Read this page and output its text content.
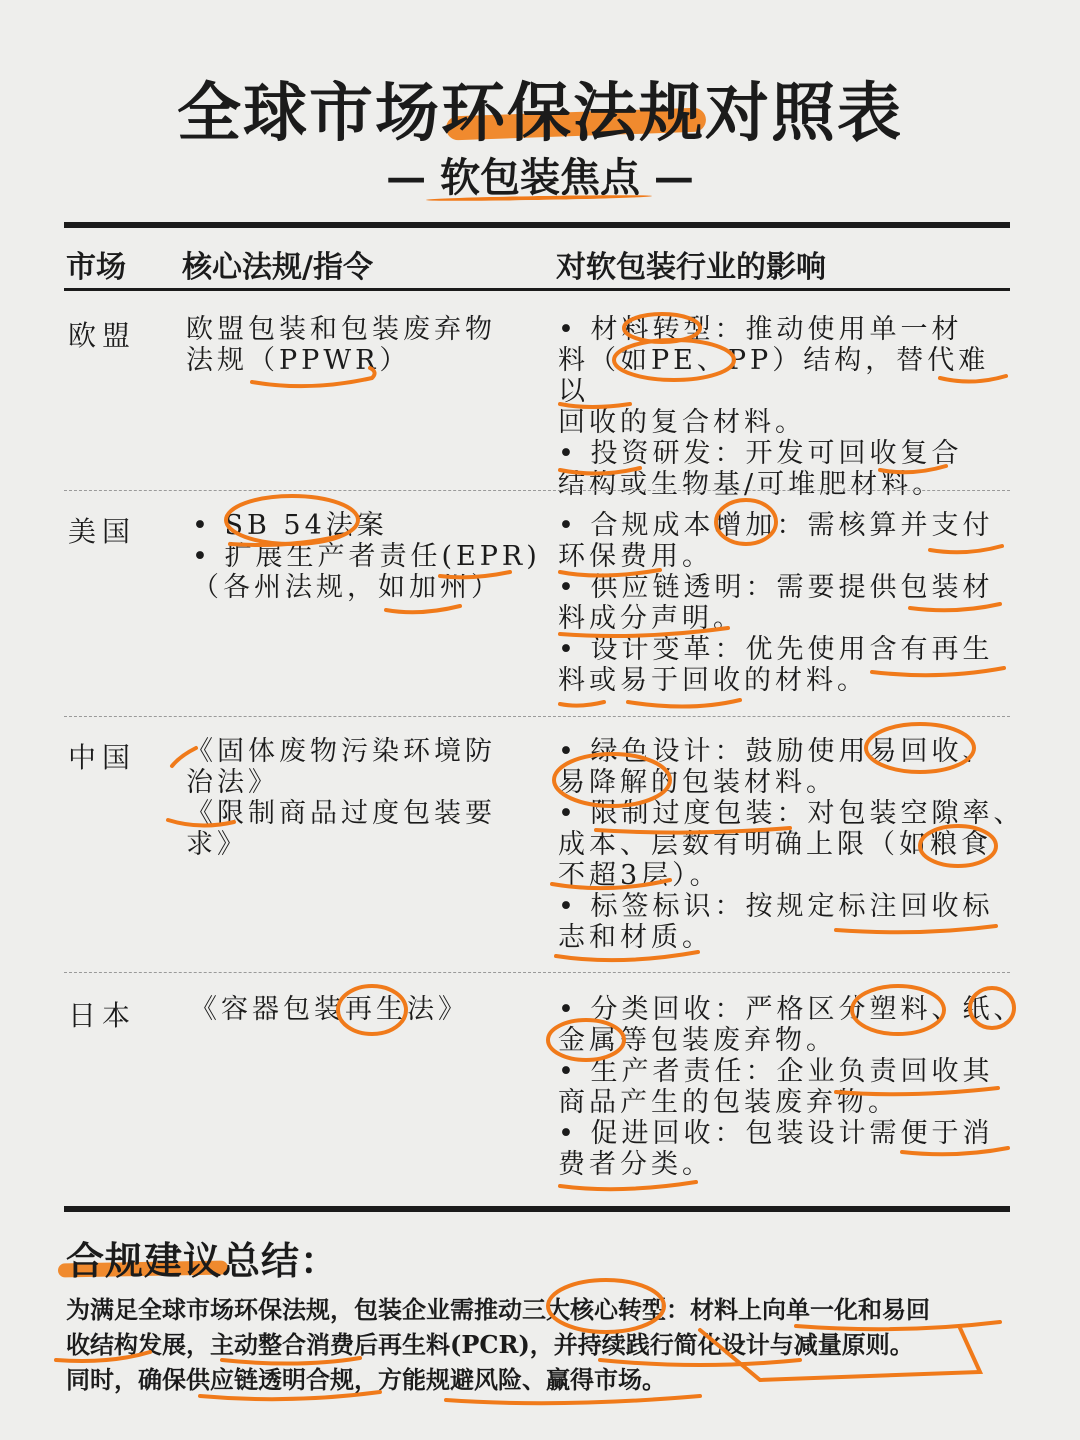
全球市场环保法规对照表
— 软包装焦点 —
市场 核心法规/指令	对软包装行业的影响
欧盟 欧盟包装和包装废弃物

法规（PPWR）

• 材料转型：推动使用单一材

料（如PE、PP）结构，替代难以

回收的复合材料。

• 投资研发：开发可回收复合

结构或生物基/可堆肥材料。

美国 • SB 54法案

• 扩展生产者责任(EPR)

（各州法规，如加州）

• 合规成本增加：需核算并支付

环保费用。

• 供应链透明：需要提供包装材

料成分声明。

• 设计变革：优先使用含有再生

料或易于回收的材料。

中国 《固体废物污染环境防

治法》

《限制商品过度包装要

求》

• 绿色设计：鼓励使用易回收、

易降解的包装材料。

• 限制过度包装：对包装空隙率、

成本、层数有明确上限（如粮食

不超3层）。

• 标签标识：按规定标注回收标

志和材质。

日本 《容器包装再生法》	• 分类回收：严格区分塑料、纸、

金属等包装废弃物。

• 生产者责任：企业负责回收其

商品产生的包装废弃物。

• 促进回收：包装设计需便于消

费者分类。

合规建议总结：
为满足全球市场环保法规，包装企业需推动三大核心转型：材料上向单一化和易回
收结构发展，主动整合消费后再生料(PCR)，并持续践行简化设计与减量原则。
同时，确保供应链透明合规，方能规避风险、赢得市场。
